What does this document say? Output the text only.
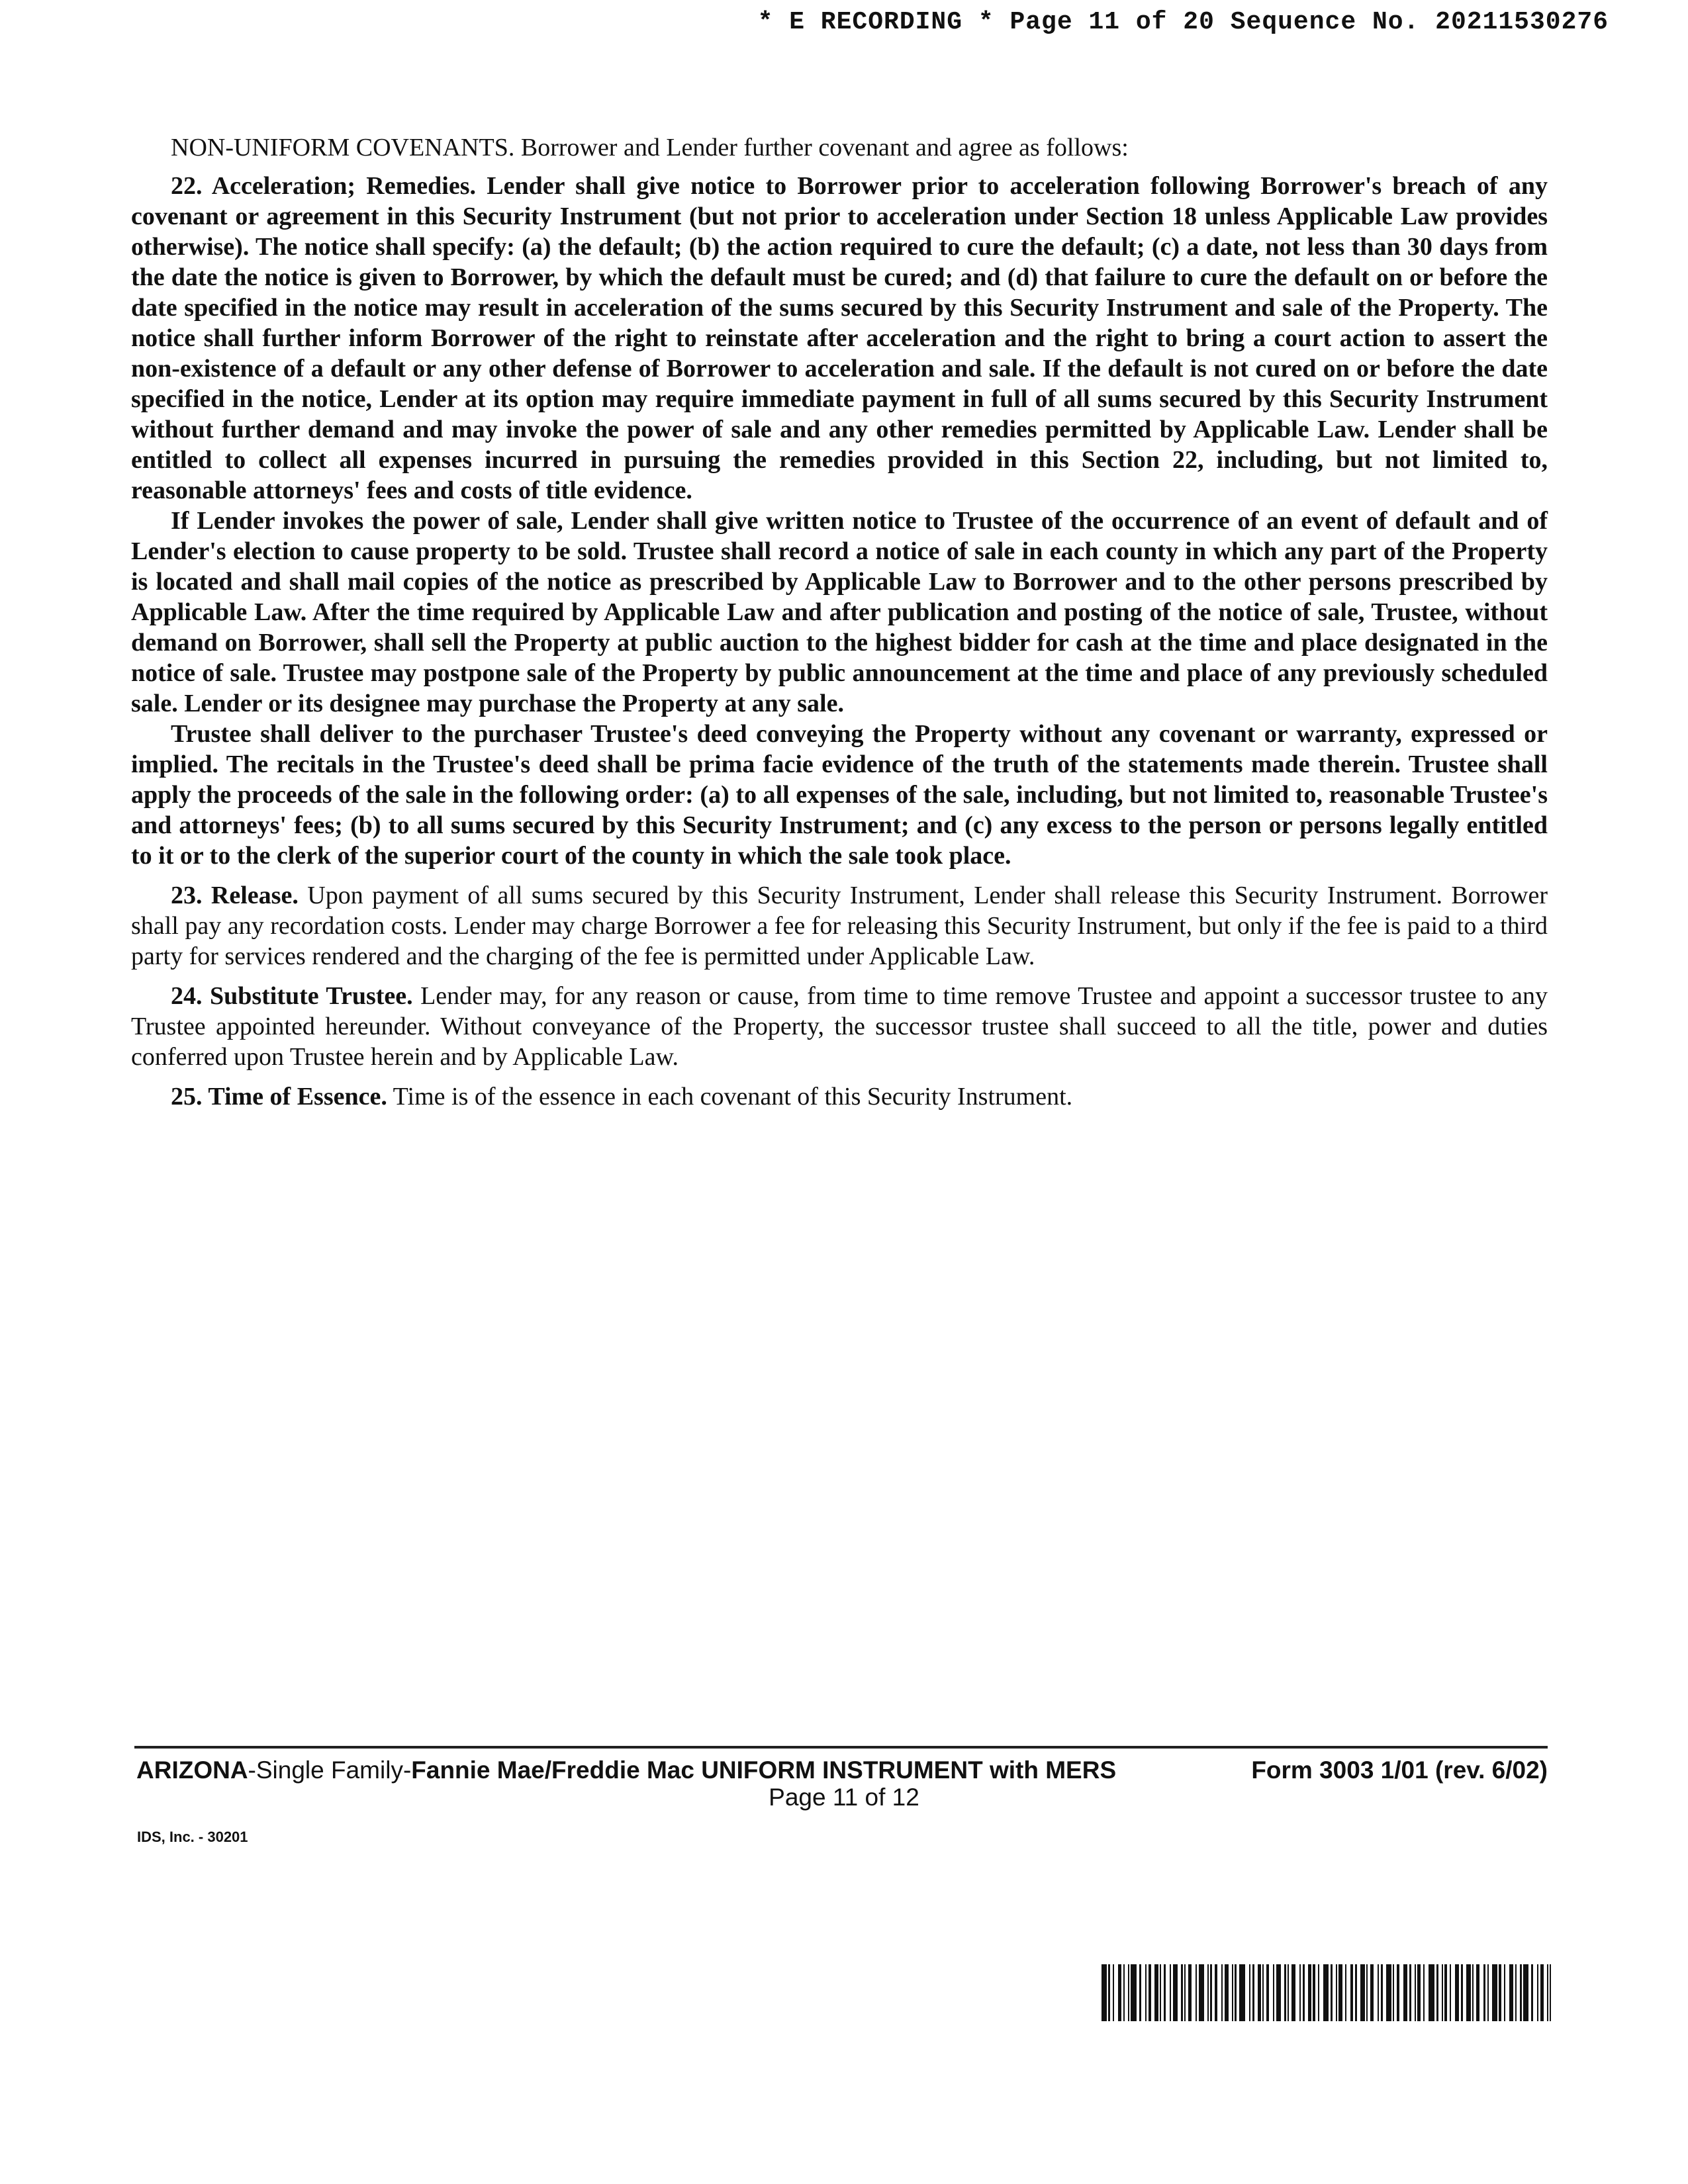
* E RECORDING * Page 11 of 20 Sequence No. 20211530276

NON-UNIFORM COVENANTS. Borrower and Lender further covenant and agree as follows:

22. Acceleration; Remedies. Lender shall give notice to Borrower prior to acceleration following Borrower's breach of any covenant or agreement in this Security Instrument (but not prior to acceleration under Section 18 unless Applicable Law provides otherwise). The notice shall specify: (a) the default; (b) the action required to cure the default; (c) a date, not less than 30 days from the date the notice is given to Borrower, by which the default must be cured; and (d) that failure to cure the default on or before the date specified in the notice may result in acceleration of the sums secured by this Security Instrument and sale of the Property. The notice shall further inform Borrower of the right to reinstate after acceleration and the right to bring a court action to assert the non-existence of a default or any other defense of Borrower to acceleration and sale. If the default is not cured on or before the date specified in the notice, Lender at its option may require immediate payment in full of all sums secured by this Security Instrument without further demand and may invoke the power of sale and any other remedies permitted by Applicable Law. Lender shall be entitled to collect all expenses incurred in pursuing the remedies provided in this Section 22, including, but not limited to, reasonable attorneys' fees and costs of title evidence.

If Lender invokes the power of sale, Lender shall give written notice to Trustee of the occurrence of an event of default and of Lender's election to cause property to be sold. Trustee shall record a notice of sale in each county in which any part of the Property is located and shall mail copies of the notice as prescribed by Applicable Law to Borrower and to the other persons prescribed by Applicable Law. After the time required by Applicable Law and after publication and posting of the notice of sale, Trustee, without demand on Borrower, shall sell the Property at public auction to the highest bidder for cash at the time and place designated in the notice of sale. Trustee may postpone sale of the Property by public announcement at the time and place of any previously scheduled sale. Lender or its designee may purchase the Property at any sale.

Trustee shall deliver to the purchaser Trustee's deed conveying the Property without any covenant or warranty, expressed or implied. The recitals in the Trustee's deed shall be prima facie evidence of the truth of the statements made therein. Trustee shall apply the proceeds of the sale in the following order: (a) to all expenses of the sale, including, but not limited to, reasonable Trustee's and attorneys' fees; (b) to all sums secured by this Security Instrument; and (c) any excess to the person or persons legally entitled to it or to the clerk of the superior court of the county in which the sale took place.

23. Release. Upon payment of all sums secured by this Security Instrument, Lender shall release this Security Instrument. Borrower shall pay any recordation costs. Lender may charge Borrower a fee for releasing this Security Instrument, but only if the fee is paid to a third party for services rendered and the charging of the fee is permitted under Applicable Law.

24. Substitute Trustee. Lender may, for any reason or cause, from time to time remove Trustee and appoint a successor trustee to any Trustee appointed hereunder. Without conveyance of the Property, the successor trustee shall succeed to all the title, power and duties conferred upon Trustee herein and by Applicable Law.

25. Time of Essence. Time is of the essence in each covenant of this Security Instrument.

ARIZONA-Single Family-Fannie Mae/Freddie Mac UNIFORM INSTRUMENT with MERS	Form 3003 1/01 (rev. 6/02)
Page 11 of 12
IDS, Inc. - 30201
